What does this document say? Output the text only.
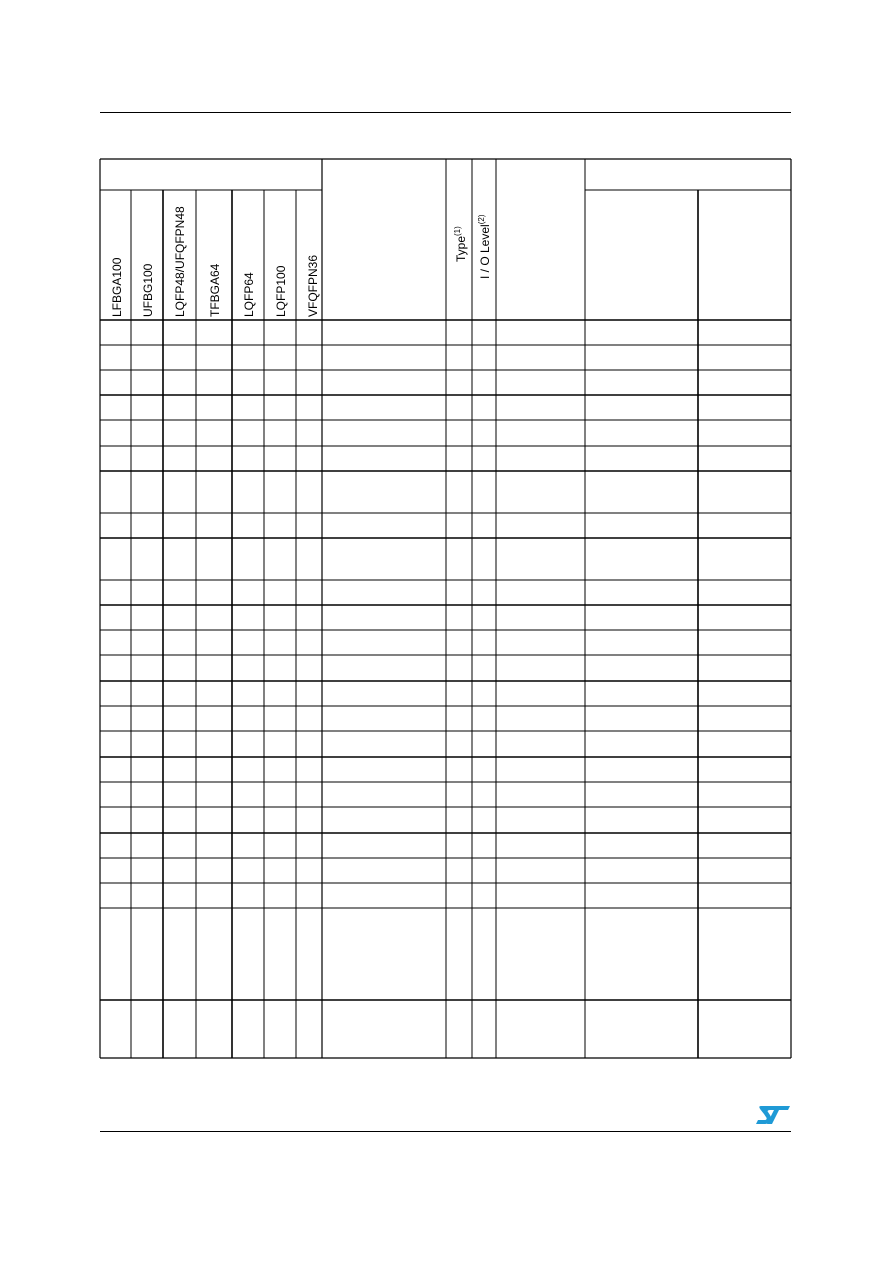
LFBGA100 UFBG100 LQFP48/UFQFPN48 TFBGA64 LQFP64 LQFP100 VFQFPN36
Type$^{(1)}$	I / O Level$^{(2)}$
